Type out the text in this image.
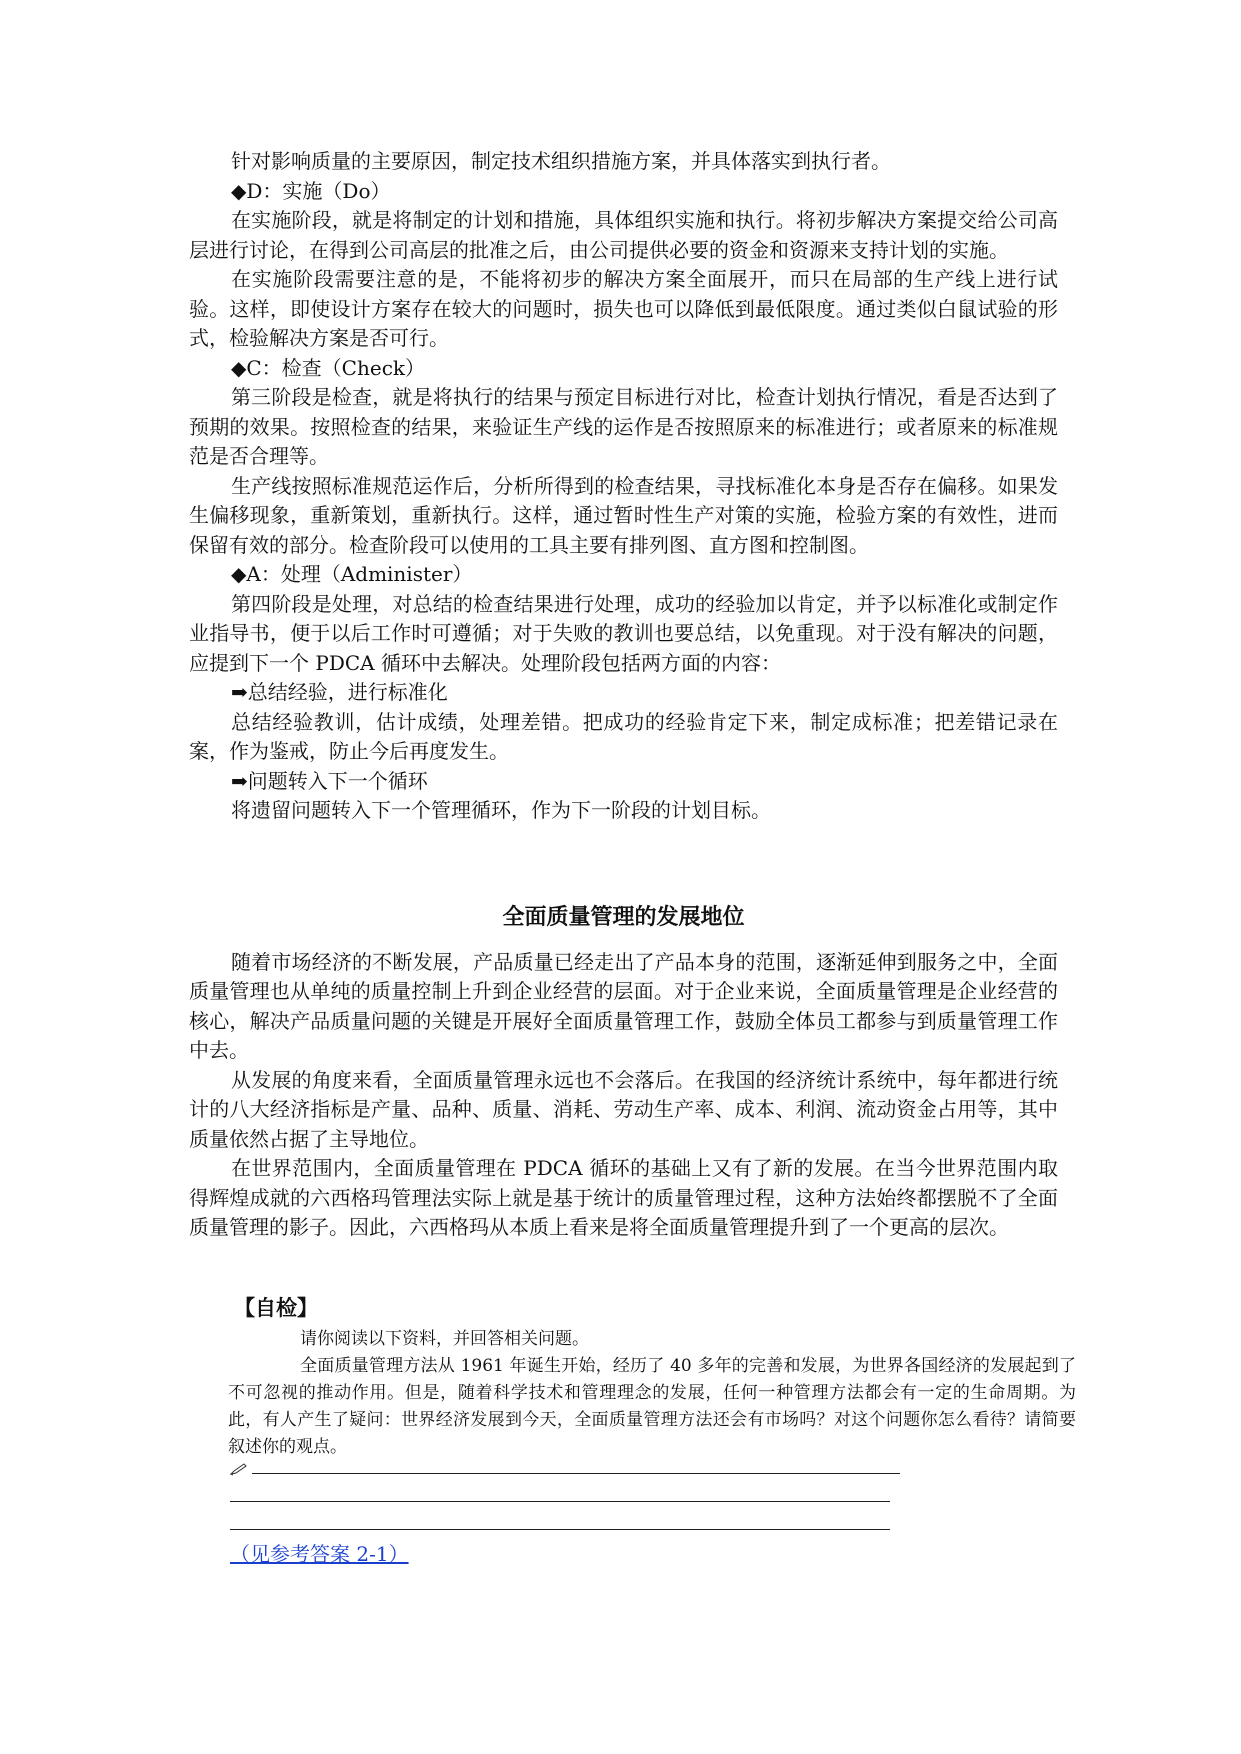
针对影响质量的主要原因，制定技术组织措施方案，并具体落实到执行者。

◆D：实施（Do）

在实施阶段，就是将制定的计划和措施，具体组织实施和执行。将初步解决方案提交给公司高层进行讨论，在得到公司高层的批准之后，由公司提供必要的资金和资源来支持计划的实施。

在实施阶段需要注意的是，不能将初步的解决方案全面展开，而只在局部的生产线上进行试验。这样，即使设计方案存在较大的问题时，损失也可以降低到最低限度。通过类似白鼠试验的形式，检验解决方案是否可行。

◆C：检查（Check）

第三阶段是检查，就是将执行的结果与预定目标进行对比，检查计划执行情况，看是否达到了预期的效果。按照检查的结果，来验证生产线的运作是否按照原来的标准进行；或者原来的标准规范是否合理等。

生产线按照标准规范运作后，分析所得到的检查结果，寻找标准化本身是否存在偏移。如果发生偏移现象，重新策划，重新执行。这样，通过暂时性生产对策的实施，检验方案的有效性，进而保留有效的部分。检查阶段可以使用的工具主要有排列图、直方图和控制图。

◆A：处理（Administer）

第四阶段是处理，对总结的检查结果进行处理，成功的经验加以肯定，并予以标准化或制定作业指导书，便于以后工作时可遵循；对于失败的教训也要总结，以免重现。对于没有解决的问题，应提到下一个 PDCA 循环中去解决。处理阶段包括两方面的内容：

➡总结经验，进行标准化

总结经验教训，估计成绩，处理差错。把成功的经验肯定下来，制定成标准；把差错记录在案，作为鉴戒，防止今后再度发生。

➡问题转入下一个循环

将遗留问题转入下一个管理循环，作为下一阶段的计划目标。

全面质量管理的发展地位

随着市场经济的不断发展，产品质量已经走出了产品本身的范围，逐渐延伸到服务之中，全面质量管理也从单纯的质量控制上升到企业经营的层面。对于企业来说，全面质量管理是企业经营的核心，解决产品质量问题的关键是开展好全面质量管理工作，鼓励全体员工都参与到质量管理工作中去。

从发展的角度来看，全面质量管理永远也不会落后。在我国的经济统计系统中，每年都进行统计的八大经济指标是产量、品种、质量、消耗、劳动生产率、成本、利润、流动资金占用等，其中质量依然占据了主导地位。

在世界范围内，全面质量管理在 PDCA 循环的基础上又有了新的发展。在当今世界范围内取得辉煌成就的六西格玛管理法实际上就是基于统计的质量管理过程，这种方法始终都摆脱不了全面质量管理的影子。因此，六西格玛从本质上看来是将全面质量管理提升到了一个更高的层次。

【自检】

请你阅读以下资料，并回答相关问题。

全面质量管理方法从 1961 年诞生开始，经历了 40 多年的完善和发展，为世界各国经济的发展起到了不可忽视的推动作用。但是，随着科学技术和管理理念的发展，任何一种管理方法都会有一定的生命周期。为此，有人产生了疑问：世界经济发展到今天，全面质量管理方法还会有市场吗？对这个问题你怎么看待？请简要叙述你的观点。

（见参考答案 2-1）
